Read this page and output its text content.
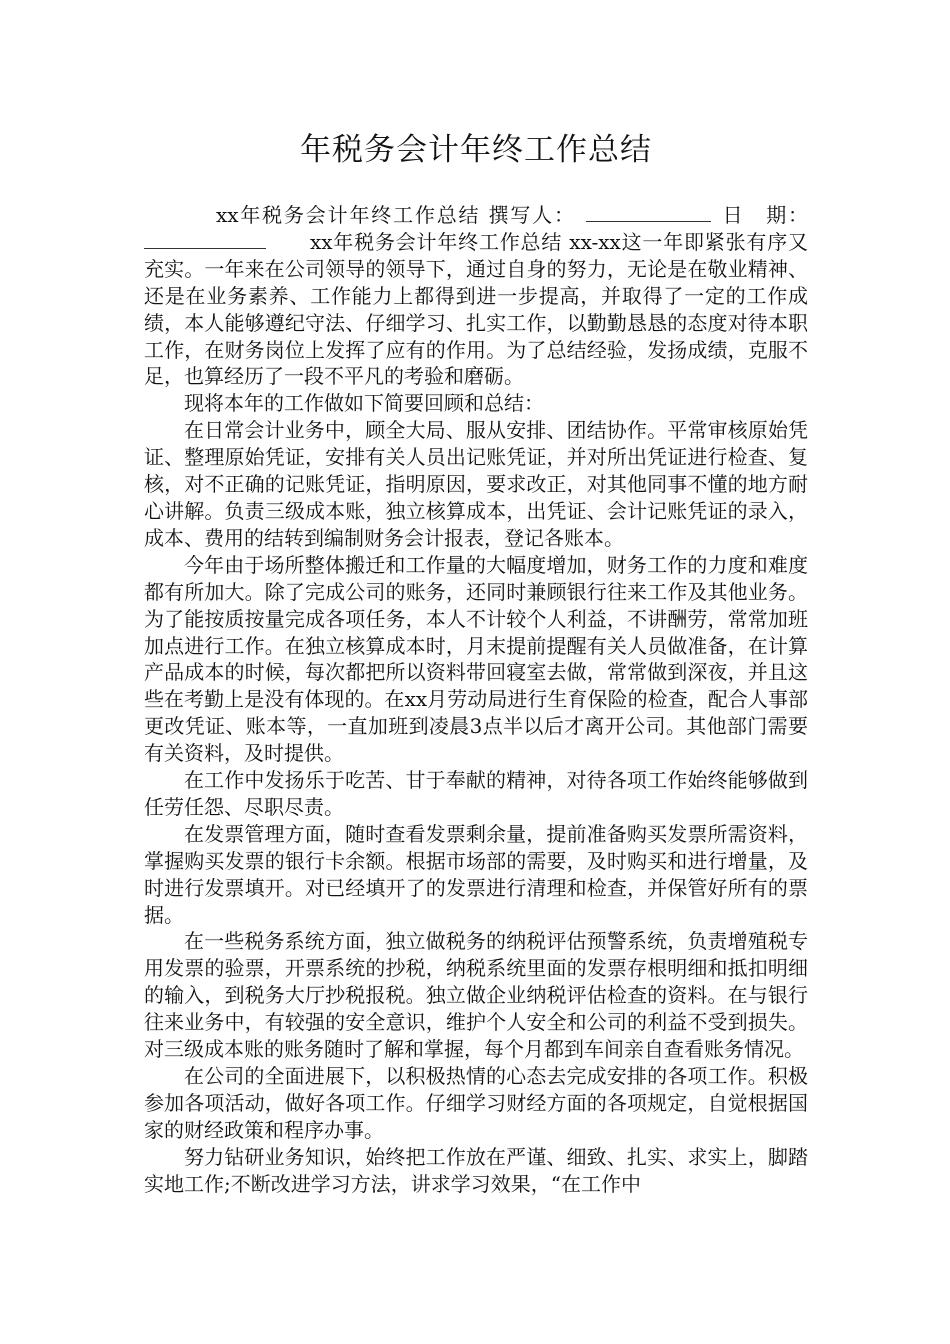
年税务会计年终工作总结

xx年税务会计年终工作总结 撰写人：	日　期：xx年税务会计年终工作总结 xx-xx这一年即紧张有序又充实。一年来在公司领导的领导下，通过自身的努力，无论是在敬业精神、还是在业务素养、工作能力上都得到进一步提高，并取得了一定的工作成绩，本人能够遵纪守法、仔细学习、扎实工作，以勤勤恳恳的态度对待本职工作，在财务岗位上发挥了应有的作用。为了总结经验，发扬成绩，克服不足，也算经历了一段不平凡的考验和磨砺。

现将本年的工作做如下简要回顾和总结：

在日常会计业务中，顾全大局、服从安排、团结协作。平常审核原始凭证、整理原始凭证，安排有关人员出记账凭证，并对所出凭证进行检查、复核，对不正确的记账凭证，指明原因，要求改正，对其他同事不懂的地方耐心讲解。负责三级成本账，独立核算成本，出凭证、会计记账凭证的录入，成本、费用的结转到编制财务会计报表，登记各账本。

今年由于场所整体搬迁和工作量的大幅度增加，财务工作的力度和难度都有所加大。除了完成公司的账务，还同时兼顾银行往来工作及其他业务。为了能按质按量完成各项任务，本人不计较个人利益，不讲酬劳，常常加班加点进行工作。在独立核算成本时，月末提前提醒有关人员做准备，在计算产品成本的时候，每次都把所以资料带回寝室去做，常常做到深夜，并且这些在考勤上是没有体现的。在xx月劳动局进行生育保险的检查，配合人事部更改凭证、账本等，一直加班到凌晨3点半以后才离开公司。其他部门需要有关资料，及时提供。

在工作中发扬乐于吃苦、甘于奉献的精神，对待各项工作始终能够做到任劳任怨、尽职尽责。

在发票管理方面，随时查看发票剩余量，提前准备购买发票所需资料，掌握购买发票的银行卡余额。根据市场部的需要，及时购买和进行增量，及时进行发票填开。对已经填开了的发票进行清理和检查，并保管好所有的票据。

在一些税务系统方面，独立做税务的纳税评估预警系统，负责增殖税专用发票的验票，开票系统的抄税，纳税系统里面的发票存根明细和抵扣明细的输入，到税务大厅抄税报税。独立做企业纳税评估检查的资料。在与银行往来业务中，有较强的安全意识，维护个人安全和公司的利益不受到损失。对三级成本账的账务随时了解和掌握，每个月都到车间亲自查看账务情况。

在公司的全面进展下，以积极热情的心态去完成安排的各项工作。积极参加各项活动，做好各项工作。仔细学习财经方面的各项规定，自觉根据国家的财经政策和程序办事。

努力钻研业务知识，始终把工作放在严谨、细致、扎实、求实上，脚踏实地工作;不断改进学习方法，讲求学习效果，“在工作中
